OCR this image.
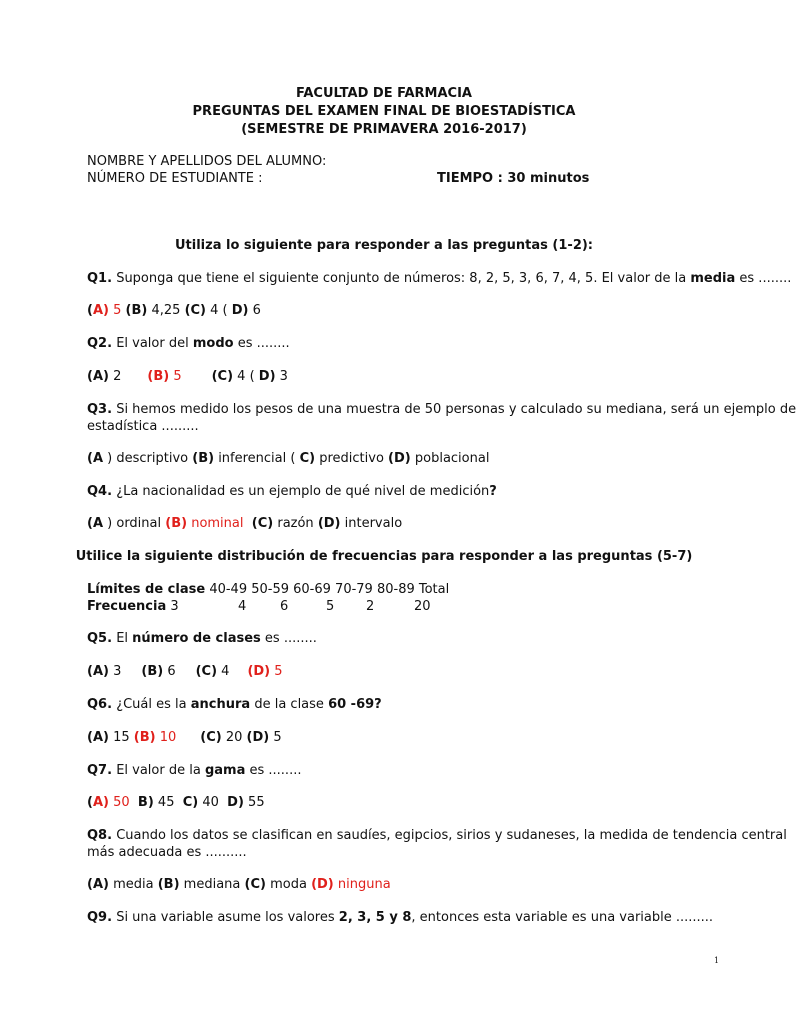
FACULTAD DE FARMACIA
PREGUNTAS DEL EXAMEN FINAL DE BIOESTADÍSTICA
(SEMESTRE DE PRIMAVERA 2016-2017)
NOMBRE Y APELLIDOS DEL ALUMNO:
NÚMERO DE ESTUDIANTE :	TIEMPO : 30 minutos
Utiliza lo siguiente para responder a las preguntas (1-2):
Q1. Suponga que tiene el siguiente conjunto de números: 8, 2, 5, 3, 6, 7, 4, 5. El valor de la media es ........
(A) 5 (B) 4,25 (C) 4 ( D) 6
Q2. El valor del modo es ........
(A) 2 (B) 5 (C) 4 ( D) 3
Q3. Si hemos medido los pesos de una muestra de 50 personas y calculado su mediana, será un ejemplo de
estadística .........
(A ) descriptivo (B) inferencial ( C) predictivo (D) poblacional
Q4. ¿La nacionalidad es un ejemplo de qué nivel de medición?
(A ) ordinal (B) nominal (C) razón (D) intervalo
Utilice la siguiente distribución de frecuencias para responder a las preguntas (5-7)
Límites de clase 40-49 50-59 60-69 70-79 80-89 Total
Frecuencia 3	4	6	5 2	20
Q5. El número de clases es ........
(A) 3 (B) 6 (C) 4 (D) 5
Q6. ¿Cuál es la anchura de la clase 60 -69?
(A) 15 (B) 10 (C) 20 (D) 5
Q7. El valor de la gama es ........
(A) 50 B) 45 C) 40 D) 55
Q8. Cuando los datos se clasifican en saudíes, egipcios, sirios y sudaneses, la medida de tendencia central
más adecuada es ..........
(A) media (B) mediana (C) moda (D) ninguna
Q9. Si una variable asume los valores 2, 3, 5 y 8, entonces esta variable es una variable .........
1
